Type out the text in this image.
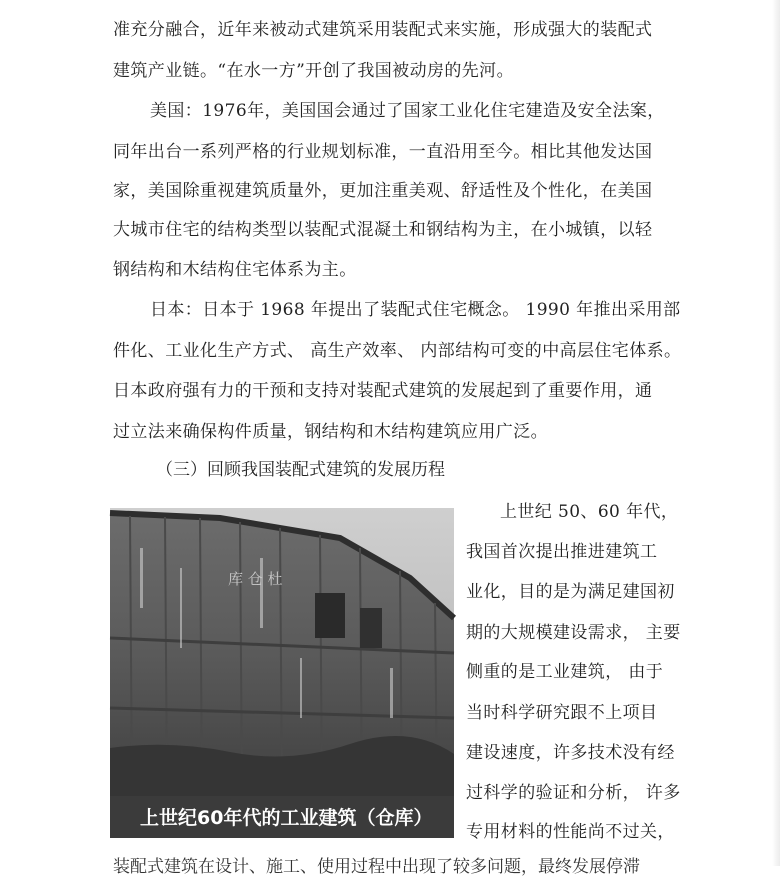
准充分融合，近年来被动式建筑采用装配式来实施，形成强大的装配式
建筑产业链。“在水一方”开创了我国被动房的先河。
美国：1976年，美国国会通过了国家工业化住宅建造及安全法案，
同年出台一系列严格的行业规划标准，一直沿用至今。相比其他发达国
家，美国除重视建筑质量外，更加注重美观、舒适性及个性化，在美国
大城市住宅的结构类型以装配式混凝土和钢结构为主，在小城镇，以轻
钢结构和木结构住宅体系为主。
日本：日本于 1968 年提出了装配式住宅概念。 1990 年推出采用部
件化、工业化生产方式、 高生产效率、 内部结构可变的中高层住宅体系。
日本政府强有力的干预和支持对装配式建筑的发展起到了重要作用，通
过立法来确保构件质量，钢结构和木结构建筑应用广泛。
（三）回顾我国装配式建筑的发展历程
库 仓 杜
上世纪60年代的工业建筑（仓库）
上世纪 50、60 年代，
我国首次提出推进建筑工
业化，目的是为满足建国初
期的大规模建设需求， 主要
侧重的是工业建筑， 由于
当时科学研究跟不上项目
建设速度，许多技术没有经
过科学的验证和分析， 许多
专用材料的性能尚不过关，
装配式建筑在设计、施工、使用过程中出现了较多问题，最终发展停滞
